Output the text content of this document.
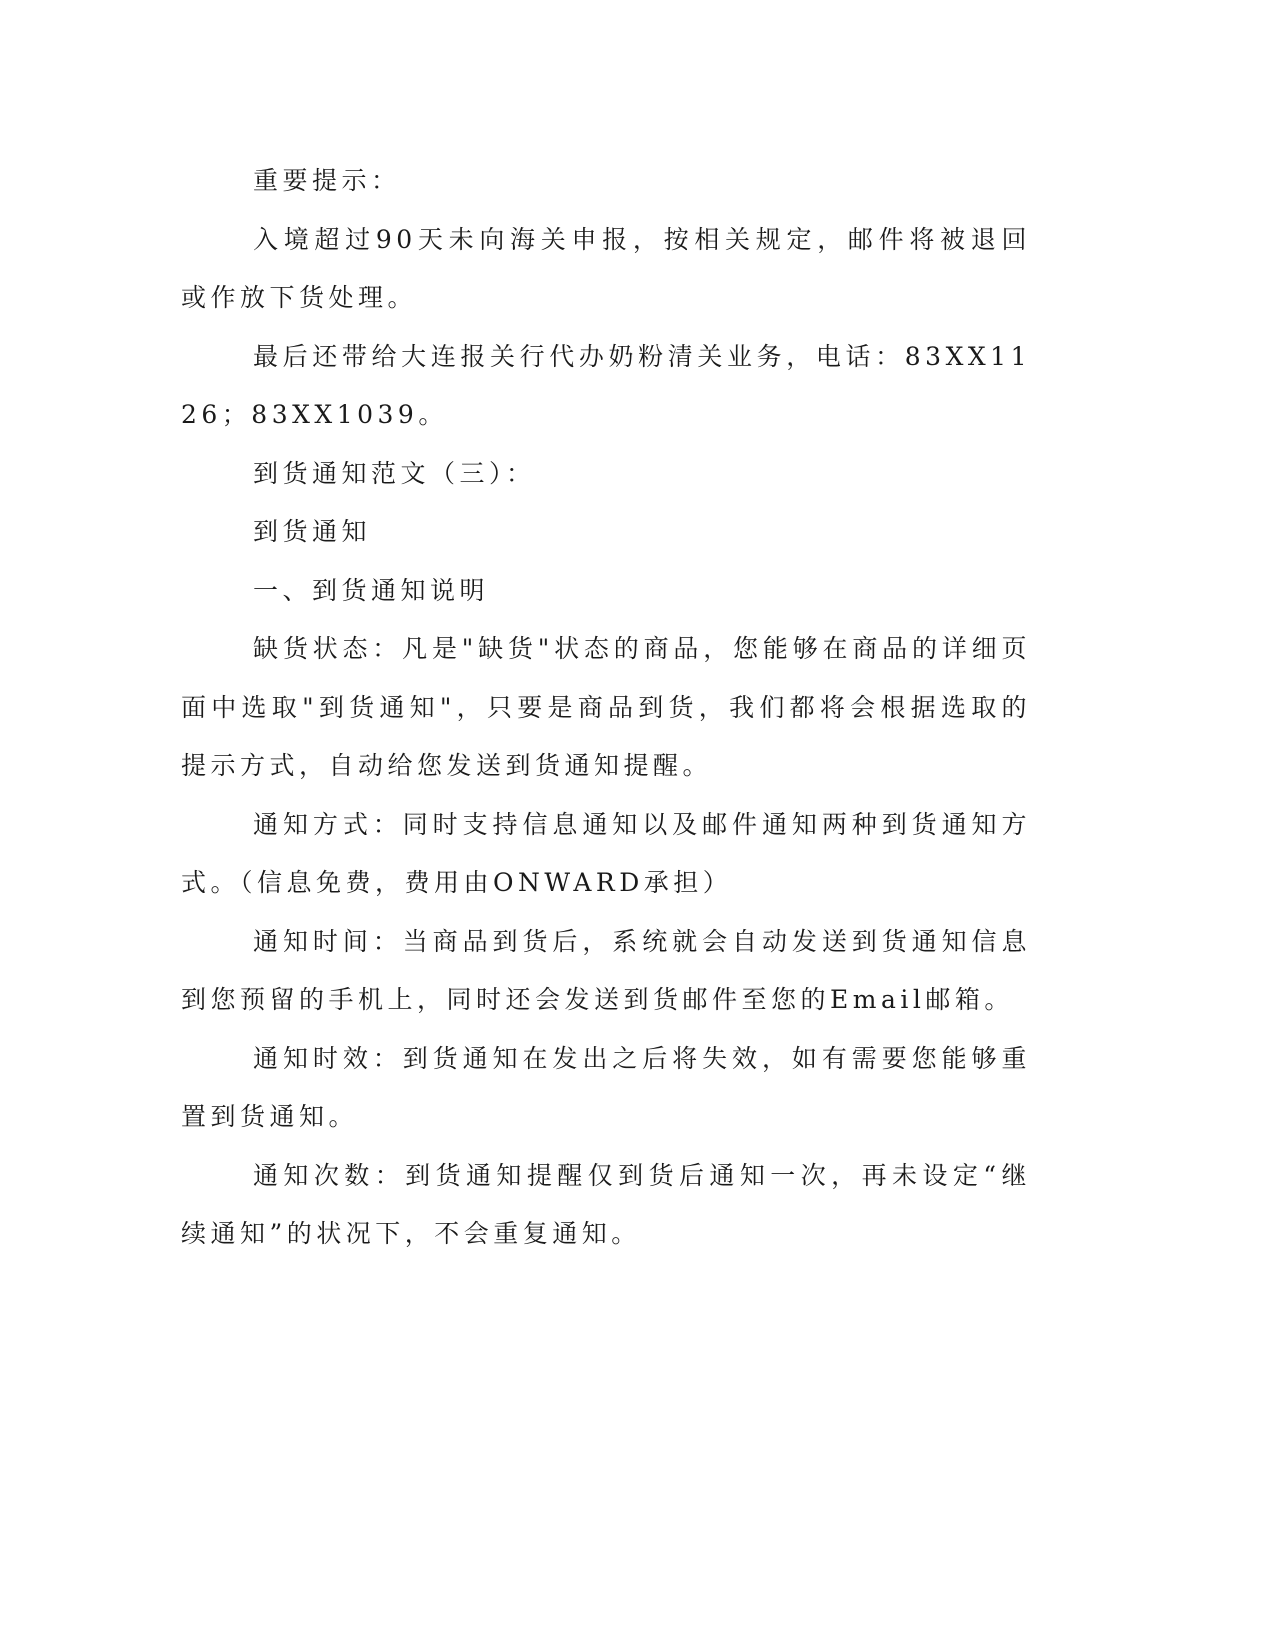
重要提示：

入境超过90天未向海关申报，按相关规定，邮件将被退回或作放下货处理。

最后还带给大连报关行代办奶粉清关业务，电话：83XX1126；83XX1039。

到货通知范文（三）：

到货通知

一、到货通知说明

缺货状态：凡是"缺货"状态的商品，您能够在商品的详细页面中选取"到货通知"，只要是商品到货，我们都将会根据选取的提示方式，自动给您发送到货通知提醒。

通知方式：同时支持信息通知以及邮件通知两种到货通知方式。（信息免费，费用由ONWARD承担）

通知时间：当商品到货后，系统就会自动发送到货通知信息到您预留的手机上，同时还会发送到货邮件至您的Email邮箱。

通知时效：到货通知在发出之后将失效，如有需要您能够重置到货通知。

通知次数：到货通知提醒仅到货后通知一次，再未设定“继续通知”的状况下，不会重复通知。
